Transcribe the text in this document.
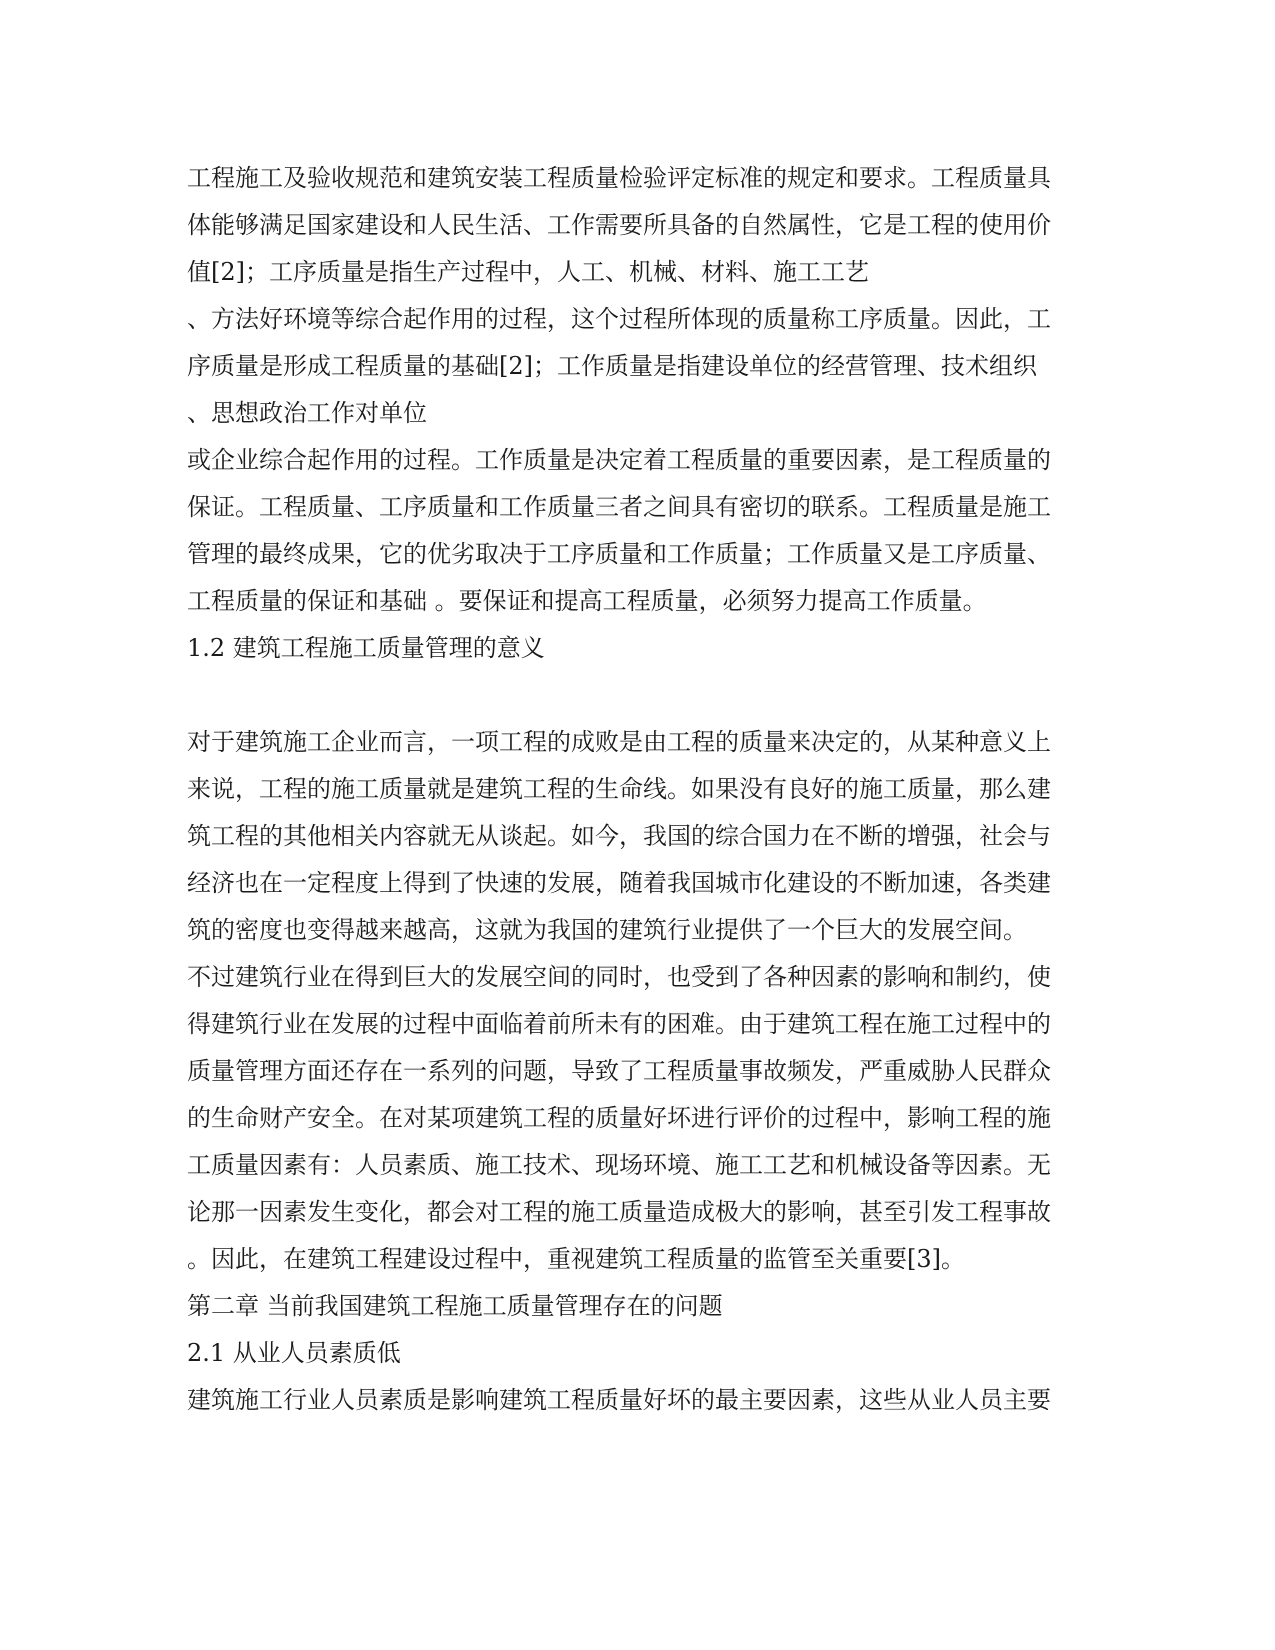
工程施工及验收规范和建筑安装工程质量检验评定标准的规定和要求。工程质量具
体能够满足国家建设和人民生活、工作需要所具备的自然属性，它是工程的使用价
值[2]；工序质量是指生产过程中，人工、机械、材料、施工工艺
、方法好环境等综合起作用的过程，这个过程所体现的质量称工序质量。因此，工
序质量是形成工程质量的基础[2]；工作质量是指建设单位的经营管理、技术组织
、思想政治工作对单位
或企业综合起作用的过程。工作质量是决定着工程质量的重要因素，是工程质量的
保证。工程质量、工序质量和工作质量三者之间具有密切的联系。工程质量是施工
管理的最终成果，它的优劣取决于工序质量和工作质量；工作质量又是工序质量、
工程质量的保证和基础 。要保证和提高工程质量，必须努力提高工作质量。
1.2 建筑工程施工质量管理的意义
对于建筑施工企业而言，一项工程的成败是由工程的质量来决定的，从某种意义上
来说，工程的施工质量就是建筑工程的生命线。如果没有良好的施工质量，那么建
筑工程的其他相关内容就无从谈起。如今，我国的综合国力在不断的增强，社会与
经济也在一定程度上得到了快速的发展，随着我国城市化建设的不断加速，各类建
筑的密度也变得越来越高，这就为我国的建筑行业提供了一个巨大的发展空间。
不过建筑行业在得到巨大的发展空间的同时，也受到了各种因素的影响和制约，使
得建筑行业在发展的过程中面临着前所未有的困难。由于建筑工程在施工过程中的
质量管理方面还存在一系列的问题，导致了工程质量事故频发，严重威胁人民群众
的生命财产安全。在对某项建筑工程的质量好坏进行评价的过程中，影响工程的施
工质量因素有：人员素质、施工技术、现场环境、施工工艺和机械设备等因素。无
论那一因素发生变化，都会对工程的施工质量造成极大的影响，甚至引发工程事故
。因此，在建筑工程建设过程中，重视建筑工程质量的监管至关重要[3]。
第二章 当前我国建筑工程施工质量管理存在的问题
2.1 从业人员素质低
建筑施工行业人员素质是影响建筑工程质量好坏的最主要因素，这些从业人员主要
